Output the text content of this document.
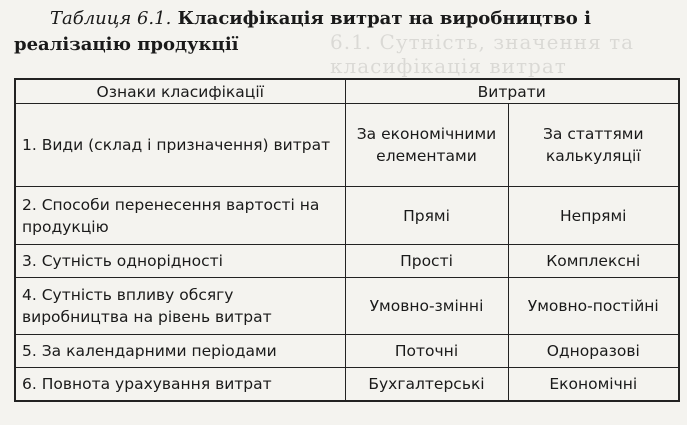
6.1. Сутність, значення та класифікація витрат
Таблиця 6.1. Класифікація витрат на виробництво і реалізацію продукції
Ознаки класифікації	Витрати	
1. Види (склад і призначення) витрат	За економічними елементами	За статтями калькуляції
2. Способи перенесення вартості на продукцію	Прямі	Непрямі
3. Сутність однорідності	Прості	Комплексні
4. Сутність впливу обсягу виробництва на рівень витрат	Умовно-змінні	Умовно-постійні
5. За календарними періодами	Поточні	Одноразові
6. Повнота урахування витрат	Бухгалтерські	Економічні
